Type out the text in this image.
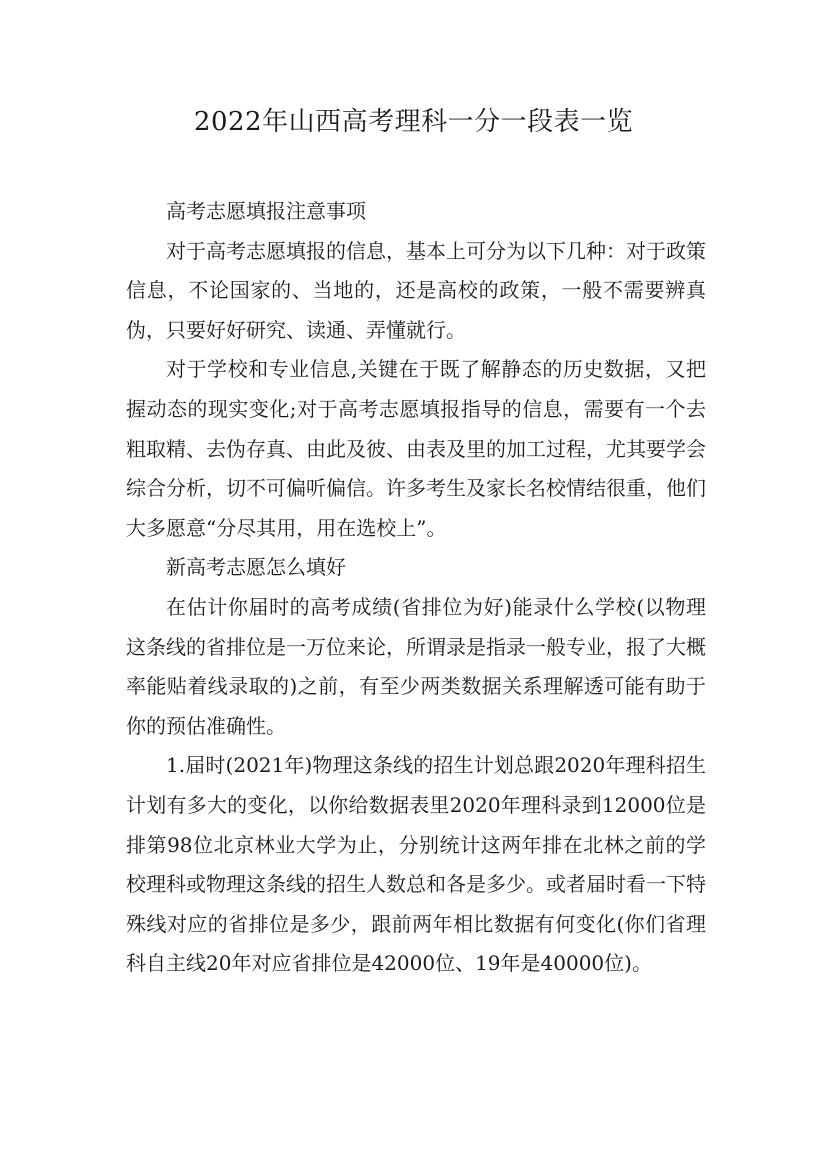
2022年山西高考理科一分一段表一览

高考志愿填报注意事项

对于高考志愿填报的信息，基本上可分为以下几种：对于政策信息，不论国家的、当地的，还是高校的政策，一般不需要辨真伪，只要好好研究、读通、弄懂就行。

对于学校和专业信息,关键在于既了解静态的历史数据，又把握动态的现实变化;对于高考志愿填报指导的信息，需要有一个去粗取精、去伪存真、由此及彼、由表及里的加工过程，尤其要学会综合分析，切不可偏听偏信。许多考生及家长名校情结很重，他们大多愿意“分尽其用，用在选校上”。

新高考志愿怎么填好

在估计你届时的高考成绩(省排位为好)能录什么学校(以物理这条线的省排位是一万位来论，所谓录是指录一般专业，报了大概率能贴着线录取的)之前，有至少两类数据关系理解透可能有助于你的预估准确性。

1.届时(2021年)物理这条线的招生计划总跟2020年理科招生计划有多大的变化，以你给数据表里2020年理科录到12000位是排第98位北京林业大学为止，分别统计这两年排在北林之前的学校理科或物理这条线的招生人数总和各是多少。或者届时看一下特殊线对应的省排位是多少，跟前两年相比数据有何变化(你们省理科自主线20年对应省排位是42000位、19年是40000位)。
